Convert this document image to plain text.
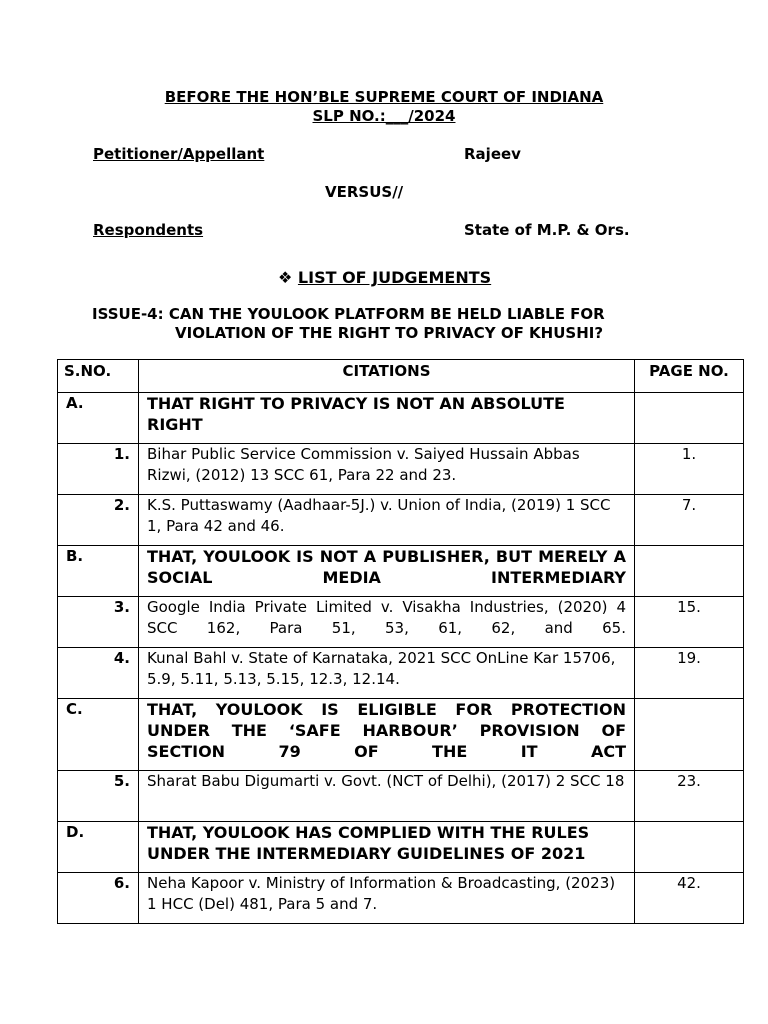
BEFORE THE HON’BLE SUPREME COURT OF INDIANA
SLP NO.:___/2024
Petitioner/Appellant	Rajeev
VERSUS//
Respondents	State of M.P. & Ors.
❖ LIST OF JUDGEMENTS
ISSUE-4: CAN THE YOULOOK PLATFORM BE HELD LIABLE FOR
VIOLATION OF THE RIGHT TO PRIVACY OF KHUSHI?
S.NO.	CITATIONS	PAGE NO.
A.	THAT RIGHT TO PRIVACY IS NOT AN ABSOLUTE RIGHT	
1.	Bihar Public Service Commission v. Saiyed Hussain Abbas Rizwi, (2012) 13 SCC 61, Para 22 and 23.	1.
2.	K.S. Puttaswamy (Aadhaar-5J.) v. Union of India, (2019) 1 SCC 1, Para 42 and 46.	7.
B.	THAT, YOULOOK IS NOT A PUBLISHER, BUT MERELY A SOCIAL MEDIA INTERMEDIARY	
3.	Google India Private Limited v. Visakha Industries, (2020) 4 SCC 162, Para 51, 53, 61, 62, and 65.	15.
4.	Kunal Bahl v. State of Karnataka, 2021 SCC OnLine Kar 15706, 5.9, 5.11, 5.13, 5.15, 12.3, 12.14.	19.
C.	THAT, YOULOOK IS ELIGIBLE FOR PROTECTION UNDER THE ‘SAFE HARBOUR’ PROVISION OF SECTION 79 OF THE IT ACT	
5.	Sharat Babu Digumarti v. Govt. (NCT of Delhi), (2017) 2 SCC 18	23.
D.	THAT, YOULOOK HAS COMPLIED WITH THE RULES UNDER THE INTERMEDIARY GUIDELINES OF 2021	
6.	Neha Kapoor v. Ministry of Information & Broadcasting, (2023) 1 HCC (Del) 481, Para 5 and 7.	42.
